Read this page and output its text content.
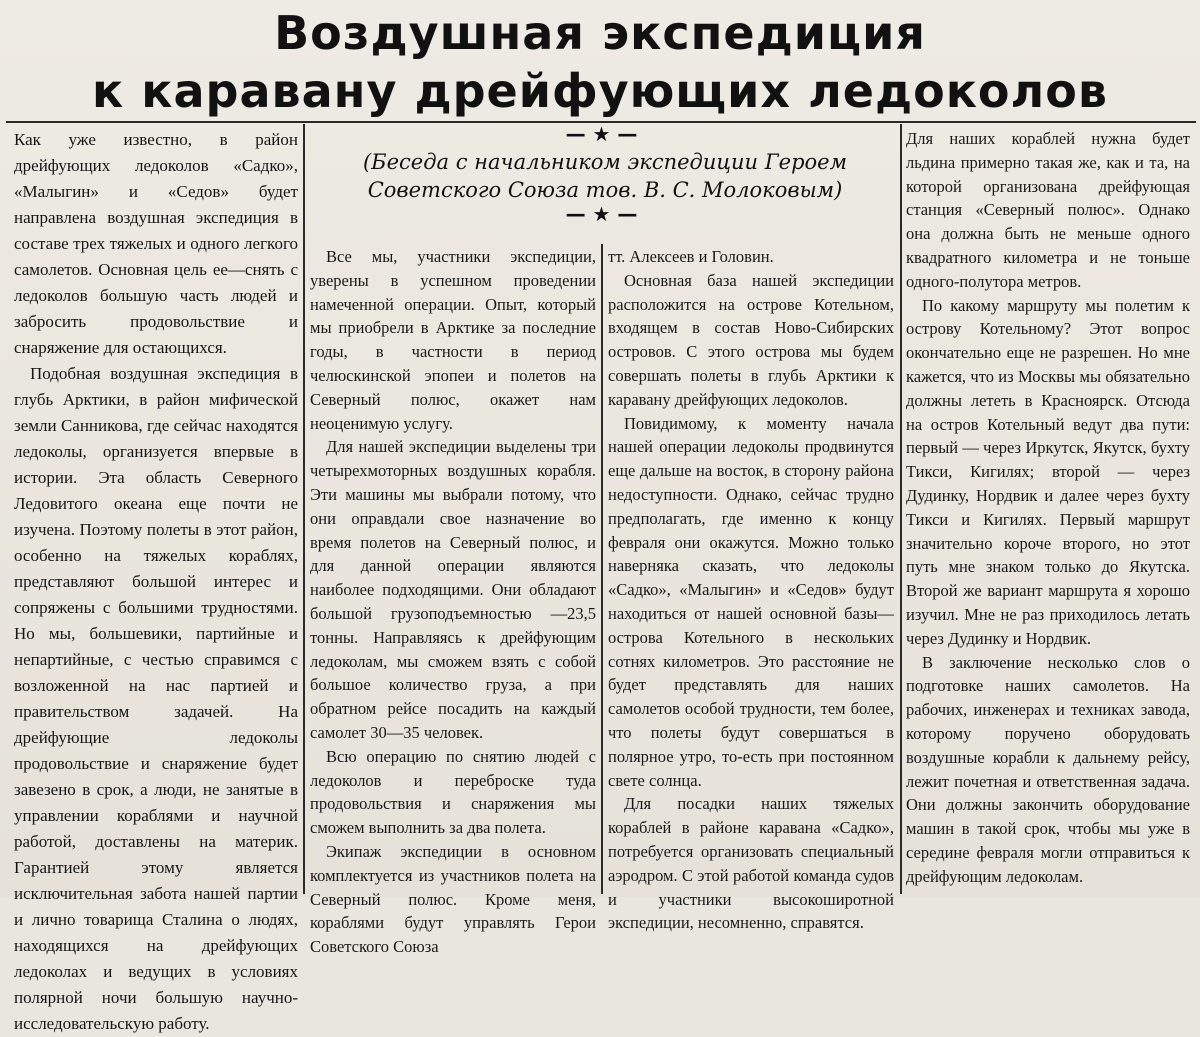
Воздушная экспедиция
к каравану дрейфующих ледоколов

Как уже известно, в район дрейфующих ледоколов «Садко», «Малыгин» и «Седов» будет направлена воздушная экспедиция в составе трех тяжелых и одного легкого самолетов. Основная цель ее—снять с ледоколов большую часть людей и забросить продовольствие и снаряжение для остающихся.

Подобная воздушная экспедиция в глубь Арктики, в район мифической земли Санникова, где сейчас находятся ледоколы, организуется впервые в истории. Эта область Северного Ледовитого океана еще почти не изучена. Поэтому полеты в этот район, особенно на тяжелых кораблях, представляют большой интерес и сопряжены с большими трудностями. Но мы, большевики, партийные и непартийные, с честью справимся с возложенной на нас партией и правительством задачей. На дрейфующие ледоколы продовольствие и снаряжение будет завезено в срок, а люди, не занятые в управлении кораблями и научной работой, доставлены на материк. Гарантией этому является исключительная забота нашей партии и лично товарища Сталина о людях, находящихся на дрейфующих ледоколах и ведущих в условиях полярной ночи большую научно-исследовательскую работу.

— ★ —
(Беседа с начальником экспедиции Героем Советского Союза тов. В. С. Молоковым)
— ★ —

Все мы, участники экспедиции, уверены в успешном проведении намеченной операции. Опыт, который мы приобрели в Арктике за последние годы, в частности в период челюскинской эпопеи и полетов на Северный полюс, окажет нам неоценимую услугу.

Для нашей экспедиции выделены три четырехмоторных воздушных корабля. Эти машины мы выбрали потому, что они оправдали свое назначение во время полетов на Северный полюс, и для данной операции являются наиболее подходящими. Они обладают большой грузоподъемностью —23,5 тонны. Направляясь к дрейфующим ледоколам, мы сможем взять с собой большое количество груза, а при обратном рейсе посадить на каждый самолет 30—35 человек.

Всю операцию по снятию людей с ледоколов и переброске туда продовольствия и снаряжения мы сможем выполнить за два полета.

Экипаж экспедиции в основном комплектуется из участников полета на Северный полюс. Кроме меня, кораблями будут управлять Герои Советского Союза

тт. Алексеев и Головин.

Основная база нашей экспедиции расположится на острове Котельном, входящем в состав Ново-Сибирских островов. С этого острова мы будем совершать полеты в глубь Арктики к каравану дрейфующих ледоколов.

Повидимому, к моменту начала нашей операции ледоколы продвинутся еще дальше на восток, в сторону района недоступности. Однако, сейчас трудно предполагать, где именно к концу февраля они окажутся. Можно только наверняка сказать, что ледоколы «Садко», «Малыгин» и «Седов» будут находиться от нашей основной базы—острова Котельного в нескольких сотнях километров. Это расстояние не будет представлять для наших самолетов особой трудности, тем более, что полеты будут совершаться в полярное утро, то-есть при постоянном свете солнца.

Для посадки наших тяжелых кораблей в районе каравана «Садко», потребуется организовать специальный аэродром. С этой работой команда судов и участники высокоширотной экспедиции, несомненно, справятся.

Для наших кораблей нужна будет льдина примерно такая же, как и та, на которой организована дрейфующая станция «Северный полюс». Однако она должна быть не меньше одного квадратного километра и не тоньше одного-полутора метров.

По какому маршруту мы полетим к острову Котельному? Этот вопрос окончательно еще не разрешен. Но мне кажется, что из Москвы мы обязательно должны лететь в Красноярск. Отсюда на остров Котельный ведут два пути: первый — через Иркутск, Якутск, бухту Тикси, Кигилях; второй — через Дудинку, Нордвик и далее через бухту Тикси и Кигилях. Первый маршрут значительно короче второго, но этот путь мне знаком только до Якутска. Второй же вариант маршрута я хорошо изучил. Мне не раз приходилось летать через Дудинку и Нордвик.

В заключение несколько слов о подготовке наших самолетов. На рабочих, инженерах и техниках завода, которому поручено оборудовать воздушные корабли к дальнему рейсу, лежит почетная и ответственная задача. Они должны закончить оборудование машин в такой срок, чтобы мы уже в середине февраля могли отправиться к дрейфующим ледоколам.
